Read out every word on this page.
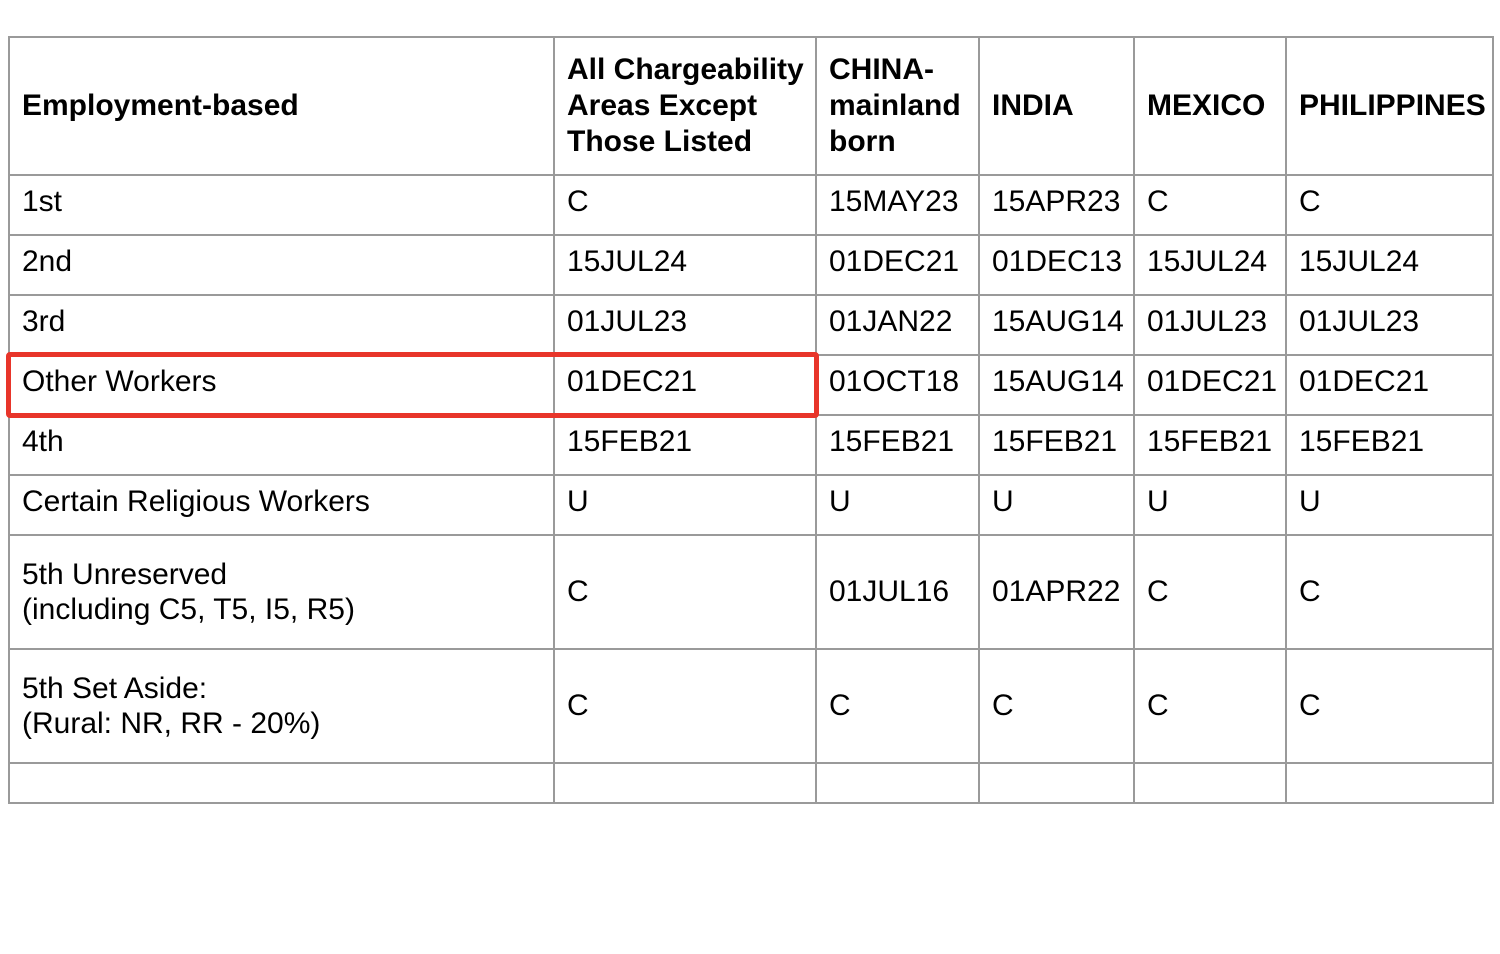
Employment-based	All Chargeability Areas Except Those Listed	CHINA-mainland born	INDIA	MEXICO	PHILIPPINES
1st	C	15MAY23	15APR23	C	C
2nd	15JUL24	01DEC21	01DEC13	15JUL24	15JUL24
3rd	01JUL23	01JAN22	15AUG14	01JUL23	01JUL23
Other Workers	01DEC21	01OCT18	15AUG14	01DEC21	01DEC21
4th	15FEB21	15FEB21	15FEB21	15FEB21	15FEB21
Certain Religious Workers	U	U	U	U	U
5th Unreserved
(including C5, T5, I5, R5)	C	01JUL16	01APR22	C	C
5th Set Aside:
(Rural: NR, RR - 20%)	C	C	C	C	C
